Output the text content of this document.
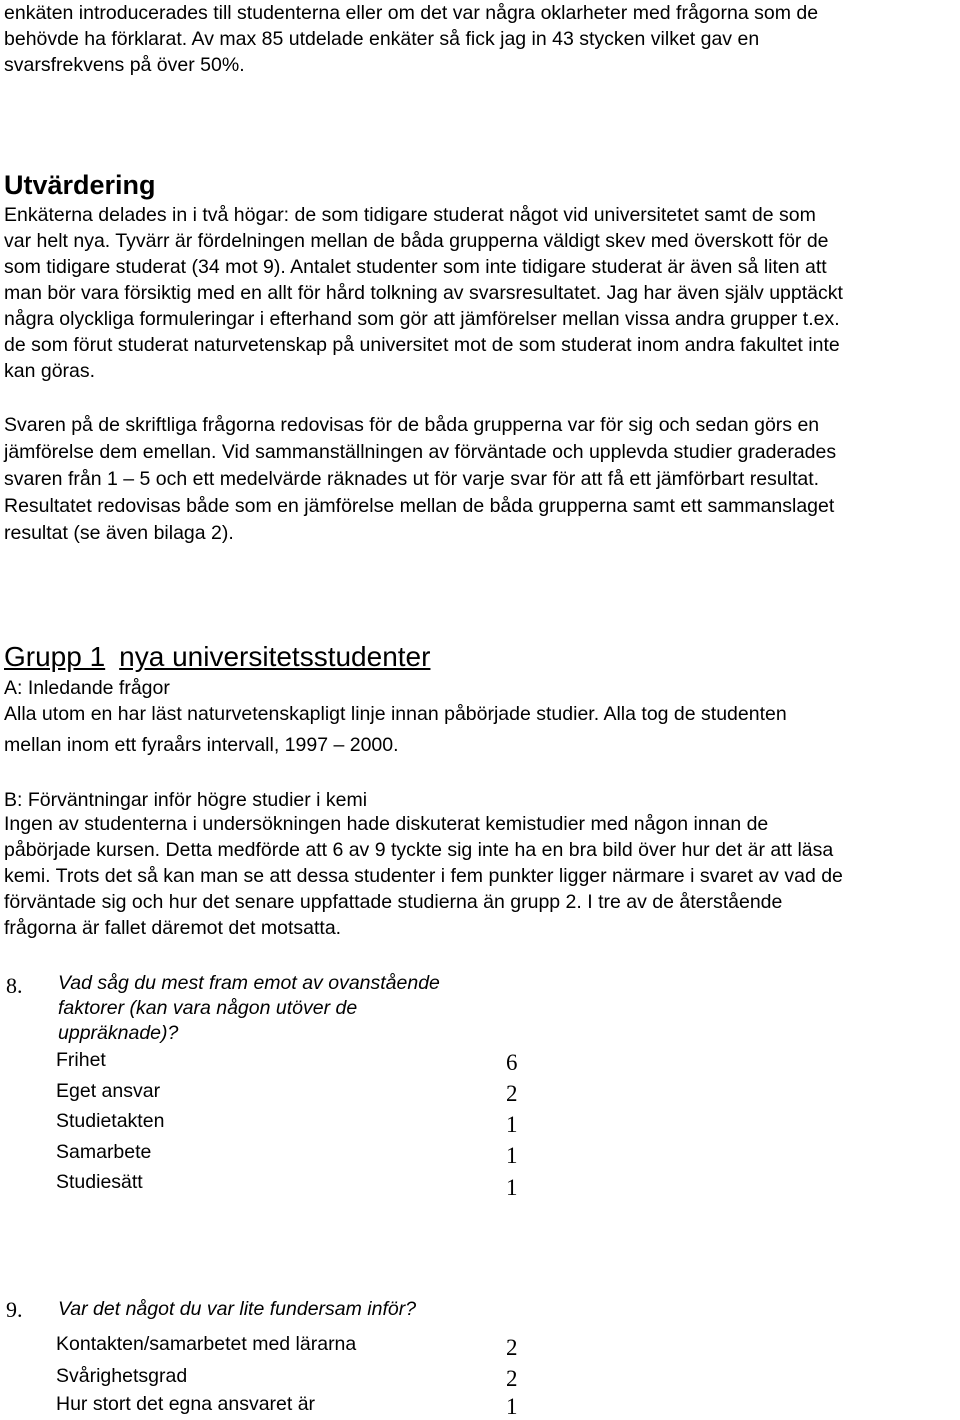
enkäten introducerades till studenterna eller om det var några oklarheter med frågorna som de
behövde ha förklarat. Av max 85 utdelade enkäter så fick jag in 43 stycken vilket gav en
svarsfrekvens på över 50%.
Utvärdering
Enkäterna delades in i två högar: de som tidigare studerat något vid universitetet samt de som
var helt nya. Tyvärr är fördelningen mellan de båda grupperna väldigt skev med överskott för de
som tidigare studerat (34 mot 9). Antalet studenter som inte tidigare studerat är även så liten att
man bör vara försiktig med en allt för hård tolkning av svarsresultatet. Jag har även själv upptäckt
några olyckliga formuleringar i efterhand som gör att jämförelser mellan vissa andra grupper t.ex.
de som förut studerat naturvetenskap på universitet mot de som studerat inom andra fakultet inte
kan göras.
Svaren på de skriftliga frågorna redovisas för de båda grupperna var för sig och sedan görs en
jämförelse dem emellan. Vid sammanställningen av förväntade och upplevda studier graderades
svaren från 1 – 5 och ett medelvärde räknades ut för varje svar för att få ett jämförbart resultat.
Resultatet redovisas både som en jämförelse mellan de båda grupperna samt ett sammanslaget
resultat (se även bilaga 2).
Grupp 1 nya universitetsstudenter
A: Inledande frågor
Alla utom en har läst naturvetenskapligt linje innan påbörjade studier. Alla tog de studenten
mellan inom ett fyraårs intervall, 1997 – 2000.
B: Förväntningar inför högre studier i kemi
Ingen av studenterna i undersökningen hade diskuterat kemistudier med någon innan de
påbörjade kursen. Detta medförde att 6 av 9 tyckte sig inte ha en bra bild över hur det är att läsa
kemi. Trots det så kan man se att dessa studenter i fem punkter ligger närmare i svaret av vad de
förväntade sig och hur det senare uppfattade studierna än grupp 2. I tre av de återstående
frågorna är fallet däremot det motsatta.
8. Vad såg du mest fram emot av ovanstående
faktorer (kan vara någon utöver de
uppräknade)?
Frihet	6
Eget ansvar	2
Studietakten	1
Samarbete	1
Studiesätt	1
9. Var det något du var lite fundersam inför?
Kontakten/samarbetet med lärarna	2
Svårighetsgrad	2
Hur stort det egna ansvaret är	1
